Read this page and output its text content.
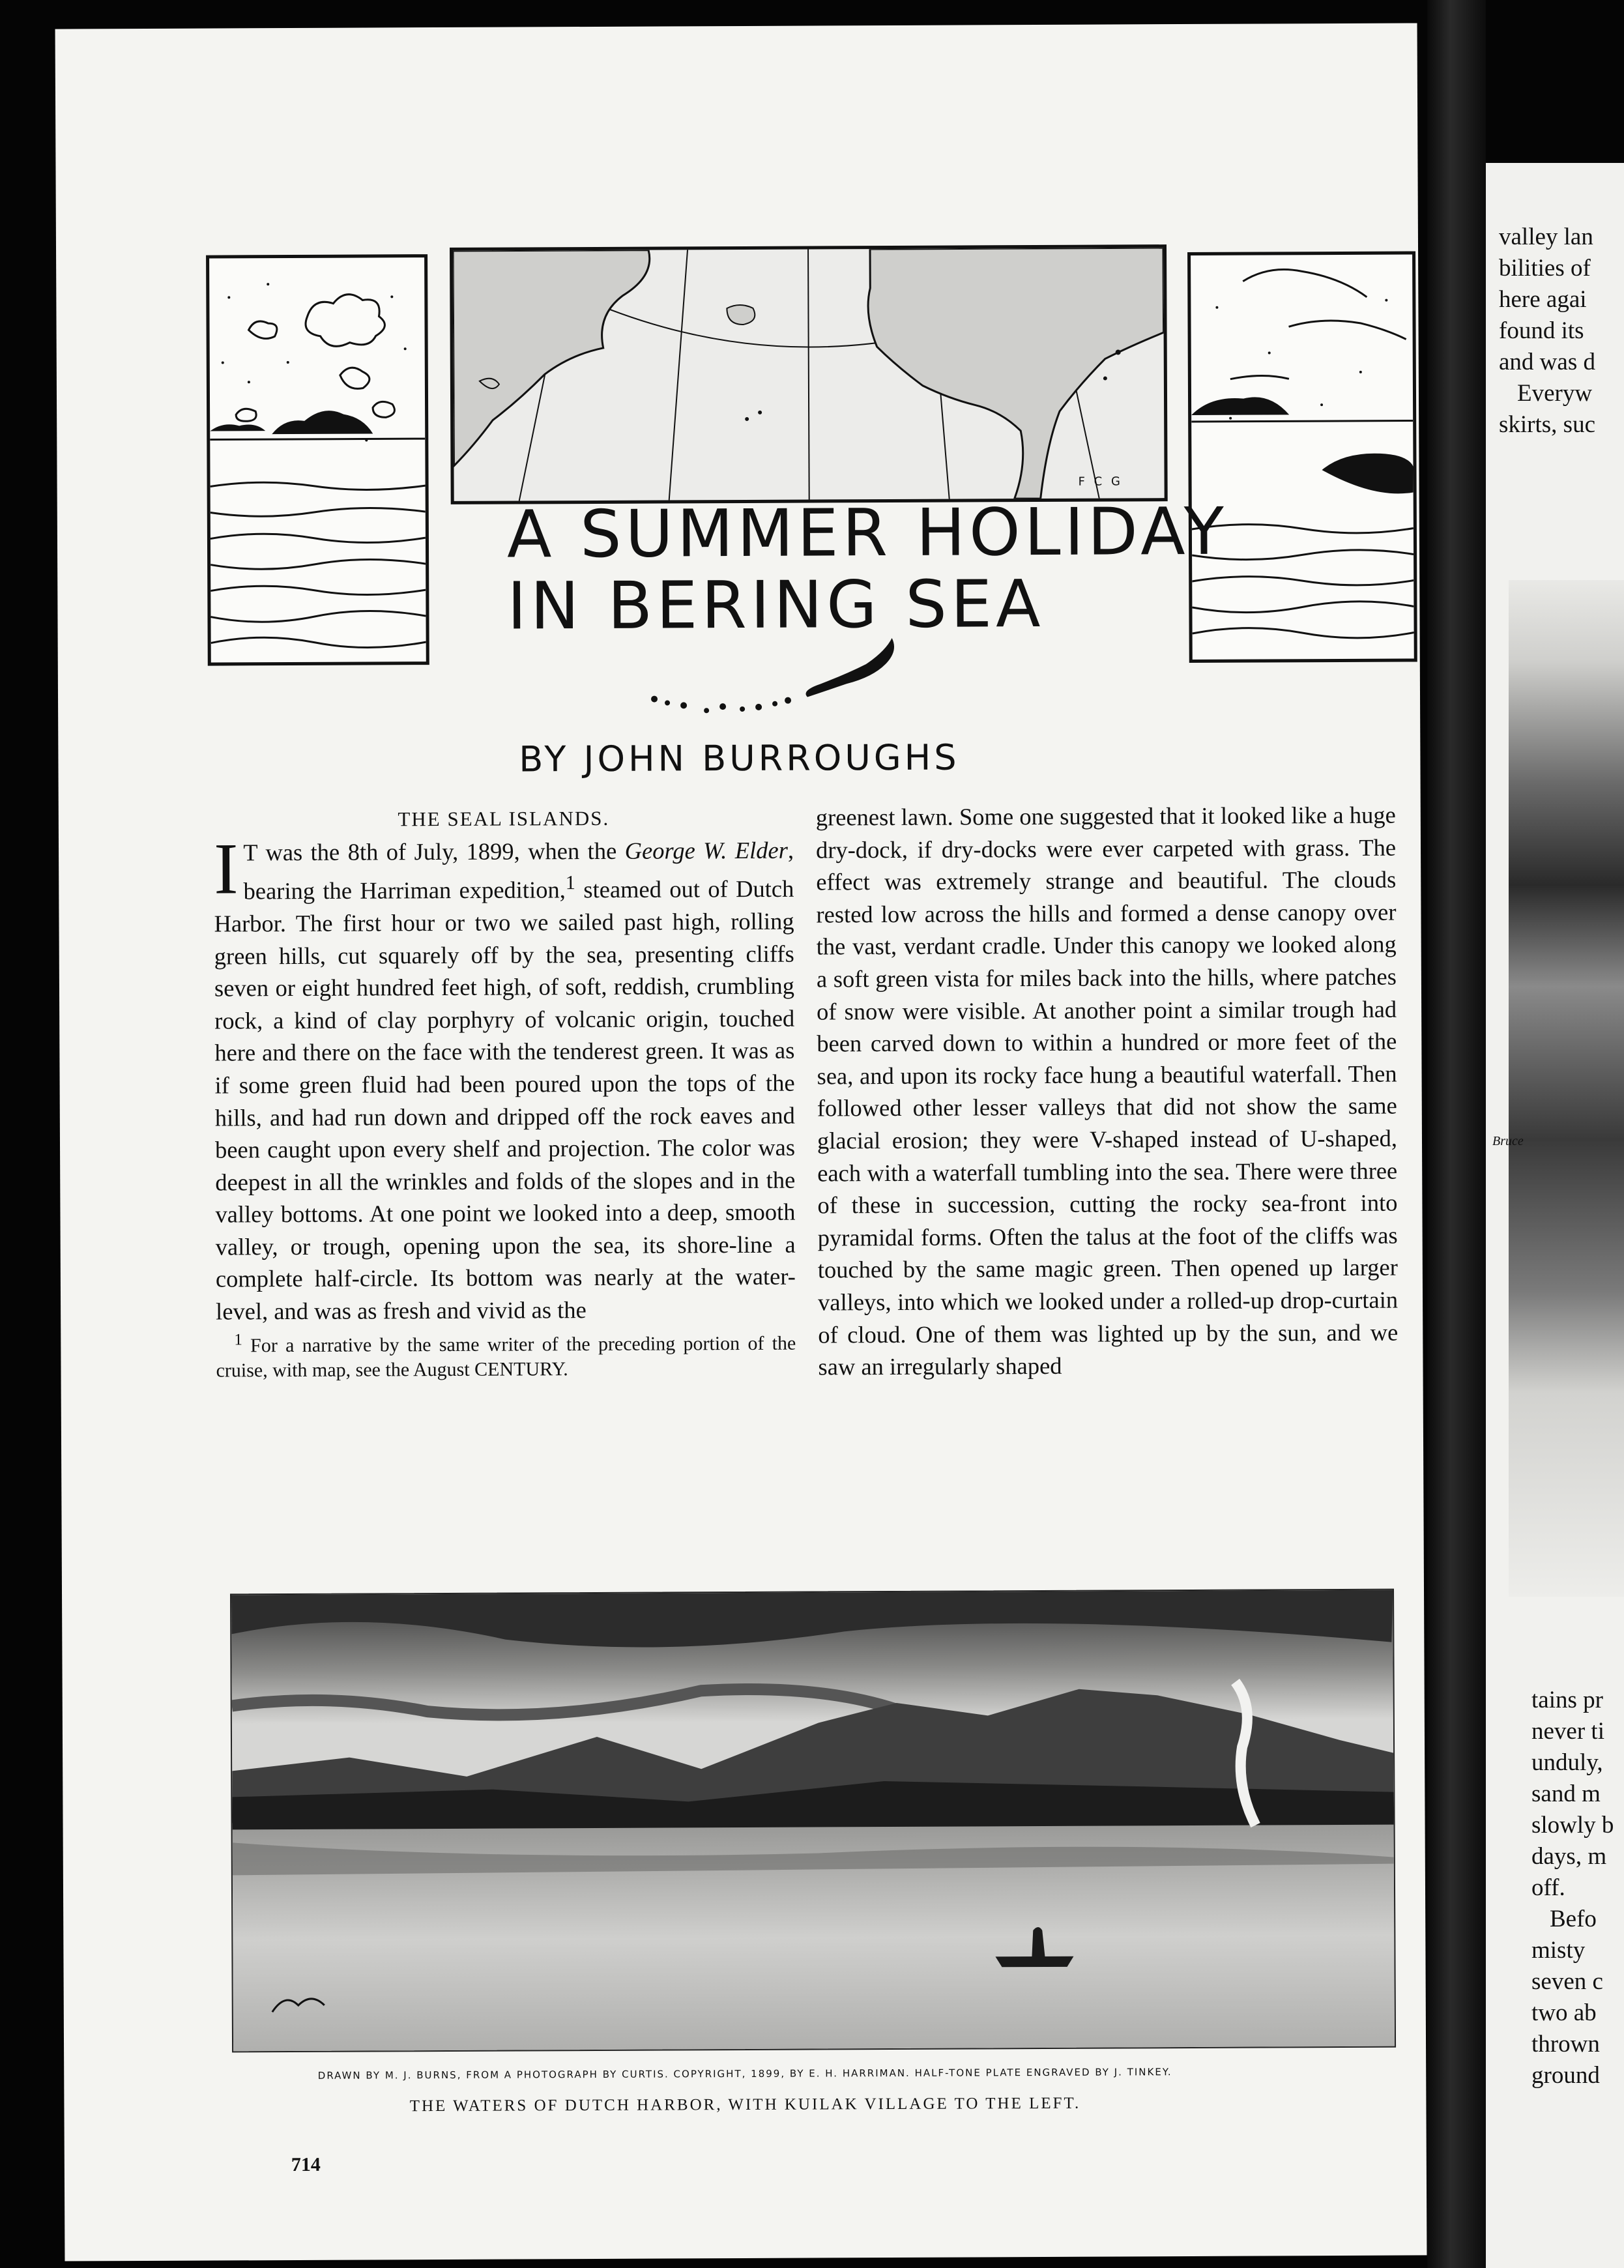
Bruce
F C G
A SUMMER HOLIDAY
IN BERING SEA
BY JOHN BURROUGHS

THE SEAL ISLANDS.

I T was the 8th of July, 1899, when the George W. Elder, bearing the Harriman expedition,$^1$ steamed out of Dutch Harbor. The first hour or two we sailed past high, rolling green hills, cut squarely off by the sea, presenting cliffs seven or eight hundred feet high, of soft, reddish, crumbling rock, a kind of clay porphyry of volcanic origin, touched here and there on the face with the tenderest green. It was as if some green fluid had been poured upon the tops of the hills, and had run down and dripped off the rock eaves and been caught upon every shelf and projection. The color was deepest in all the wrinkles and folds of the slopes and in the valley bottoms. At one point we looked into a deep, smooth valley, or trough, opening upon the sea, its shore-line a complete half-circle. Its bottom was nearly at the water-level, and was as fresh and vivid as the

$^1$ For a narrative by the same writer of the preceding portion of the cruise, with map, see the August CENTURY.

greenest lawn. Some one suggested that it looked like a huge dry-dock, if dry-docks were ever carpeted with grass. The effect was extremely strange and beautiful. The clouds rested low across the hills and formed a dense canopy over the vast, verdant cradle. Under this canopy we looked along a soft green vista for miles back into the hills, where patches of snow were visible. At another point a similar trough had been carved down to within a hundred or more feet of the sea, and upon its rocky face hung a beautiful waterfall. Then followed other lesser valleys that did not show the same glacial erosion; they were V-shaped instead of U-shaped, each with a waterfall tumbling into the sea. There were three of these in succession, cutting the rocky sea-front into pyramidal forms. Often the talus at the foot of the cliffs was touched by the same magic green. Then opened up larger valleys, into which we looked under a rolled-up drop-curtain of cloud. One of them was lighted up by the sun, and we saw an irregularly shaped

DRAWN BY M. J. BURNS, FROM A PHOTOGRAPH BY CURTIS. COPYRIGHT, 1899, BY E. H. HARRIMAN. HALF-TONE PLATE ENGRAVED BY J. TINKEY.
THE WATERS OF DUTCH HARBOR, WITH KUILAK VILLAGE TO THE LEFT.
714
valley lan
bilities of
here agai
found its
and was d
Everyw
skirts, suc
tains pr
never ti
unduly,
sand m
slowly b
days, m
off.
Befo
misty
seven c
two ab
thrown
ground
